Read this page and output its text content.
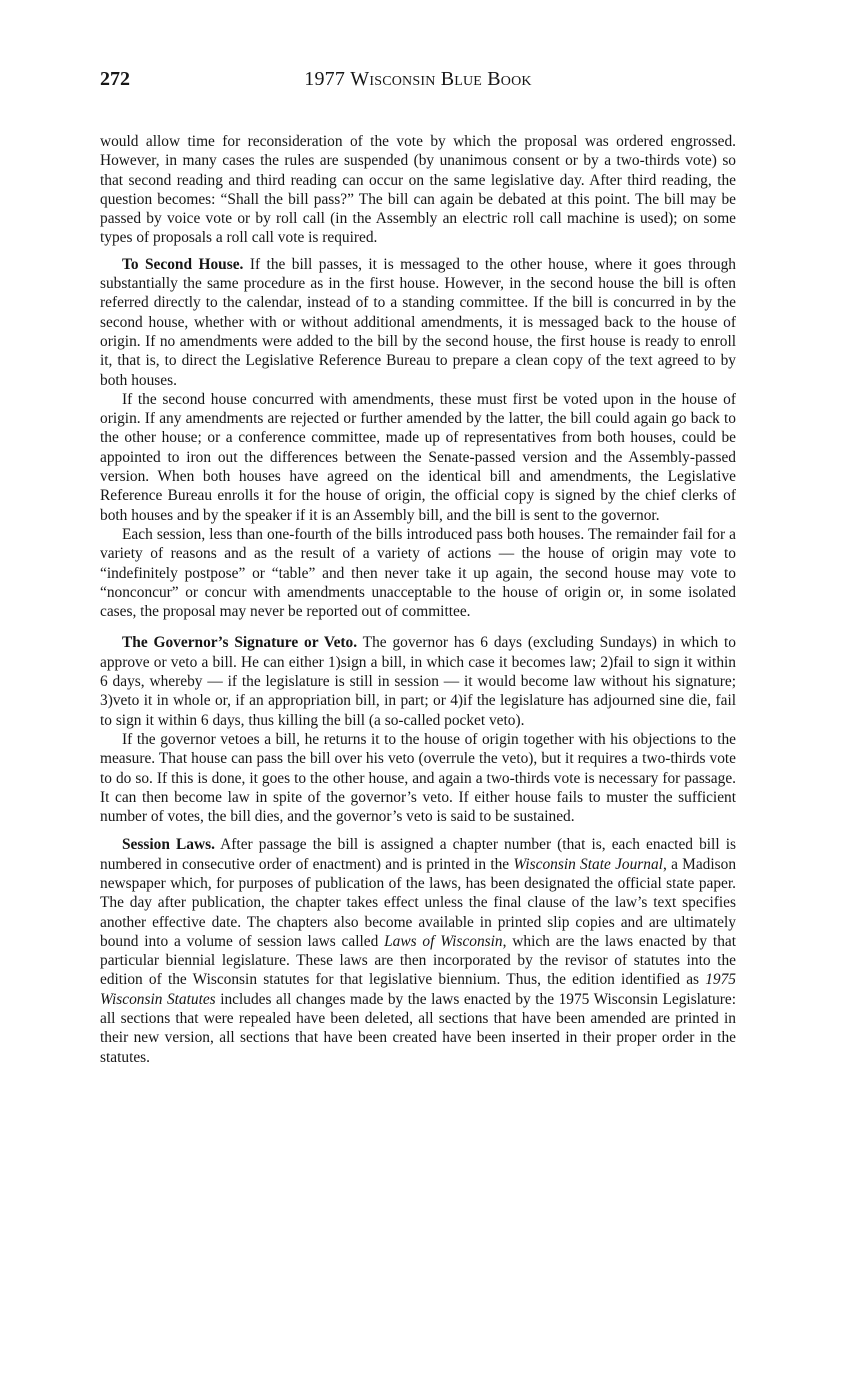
272	1977 Wisconsin Blue Book

would allow time for reconsideration of the vote by which the proposal was ordered engrossed. However, in many cases the rules are suspended (by unanimous consent or by a two-thirds vote) so that second reading and third reading can occur on the same legislative day. After third reading, the question becomes: “Shall the bill pass?” The bill can again be debated at this point. The bill may be passed by voice vote or by roll call (in the Assembly an electric roll call machine is used); on some types of proposals a roll call vote is required.

To Second House. If the bill passes, it is messaged to the other house, where it goes through substantially the same procedure as in the first house. However, in the second house the bill is often referred directly to the calendar, instead of to a standing committee. If the bill is concurred in by the second house, whether with or without additional amendments, it is messaged back to the house of origin. If no amendments were added to the bill by the second house, the first house is ready to enroll it, that is, to direct the Legislative Reference Bureau to prepare a clean copy of the text agreed to by both houses.

If the second house concurred with amendments, these must first be voted upon in the house of origin. If any amendments are rejected or further amended by the latter, the bill could again go back to the other house; or a conference committee, made up of representatives from both houses, could be appointed to iron out the differences between the Senate-passed version and the Assembly-passed version. When both houses have agreed on the identical bill and amendments, the Legislative Reference Bureau enrolls it for the house of origin, the official copy is signed by the chief clerks of both houses and by the speaker if it is an Assembly bill, and the bill is sent to the governor.

Each session, less than one-fourth of the bills introduced pass both houses. The remainder fail for a variety of reasons and as the result of a variety of actions — the house of origin may vote to “indefinitely postpose” or “table” and then never take it up again, the second house may vote to “nonconcur” or concur with amendments unacceptable to the house of origin or, in some isolated cases, the proposal may never be reported out of committee.

The Governor’s Signature or Veto. The governor has 6 days (excluding Sundays) in which to approve or veto a bill. He can either 1)sign a bill, in which case it becomes law; 2)fail to sign it within 6 days, whereby — if the legislature is still in session — it would become law without his signature; 3)veto it in whole or, if an appropriation bill, in part; or 4)if the legislature has adjourned sine die, fail to sign it within 6 days, thus killing the bill (a so-called pocket veto).

If the governor vetoes a bill, he returns it to the house of origin together with his objections to the measure. That house can pass the bill over his veto (overrule the veto), but it requires a two-thirds vote to do so. If this is done, it goes to the other house, and again a two-thirds vote is necessary for passage. It can then become law in spite of the governor’s veto. If either house fails to muster the sufficient number of votes, the bill dies, and the governor’s veto is said to be sustained.

Session Laws. After passage the bill is assigned a chapter number (that is, each enacted bill is numbered in consecutive order of enactment) and is printed in the Wisconsin State Journal, a Madison newspaper which, for purposes of publication of the laws, has been designated the official state paper. The day after publication, the chapter takes effect unless the final clause of the law’s text specifies another effective date. The chapters also become available in printed slip copies and are ultimately bound into a volume of session laws called Laws of Wisconsin, which are the laws enacted by that particular biennial legislature. These laws are then incorporated by the revisor of statutes into the edition of the Wisconsin statutes for that legislative biennium. Thus, the edition identified as 1975 Wisconsin Statutes includes all changes made by the laws enacted by the 1975 Wisconsin Legislature: all sections that were repealed have been deleted, all sections that have been amended are printed in their new version, all sections that have been created have been inserted in their proper order in the statutes.
